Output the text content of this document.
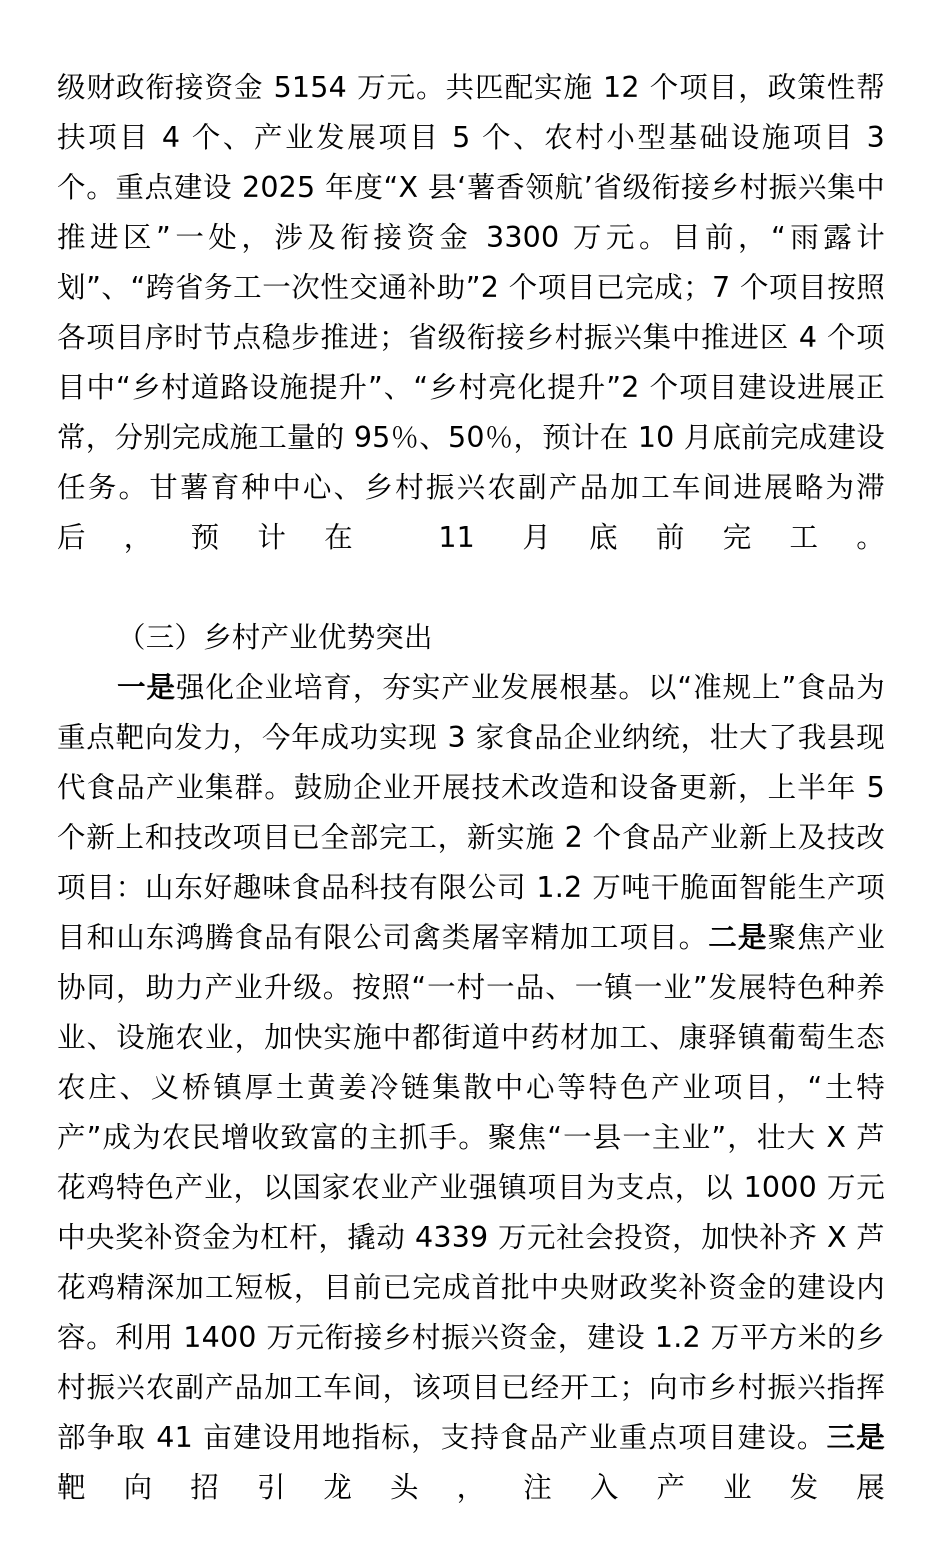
级财政衔接资金 5154 万元。共匹配实施 12 个项目，政策性帮扶项目 4 个、产业发展项目 5 个、农村小型基础设施项目 3 个。重点建设 2025 年度“X 县‘薯香领航’省级衔接乡村振兴集中推进区”一处，涉及衔接资金 3300 万元。目前，“雨露计划”、“跨省务工一次性交通补助”2 个项目已完成；7 个项目按照各项目序时节点稳步推进；省级衔接乡村振兴集中推进区 4 个项目中“乡村道路设施提升”、“乡村亮化提升”2 个项目建设进展正常，分别完成施工量的 95％、50％，预计在 10 月底前完成建设任务。甘薯育种中心、乡村振兴农副产品加工车间进展略为滞后，预计在 11 月底前完工。

（三）乡村产业优势突出

一是强化企业培育，夯实产业发展根基。以“准规上”食品为重点靶向发力，今年成功实现 3 家食品企业纳统，壮大了我县现代食品产业集群。鼓励企业开展技术改造和设备更新，上半年 5 个新上和技改项目已全部完工，新实施 2 个食品产业新上及技改项目：山东好趣味食品科技有限公司 1.2 万吨干脆面智能生产项目和山东鸿腾食品有限公司禽类屠宰精加工项目。二是聚焦产业协同，助力产业升级。按照“一村一品、一镇一业”发展特色种养业、设施农业，加快实施中都街道中药材加工、康驿镇葡萄生态农庄、义桥镇厚土黄姜冷链集散中心等特色产业项目，“土特产”成为农民增收致富的主抓手。聚焦“一县一主业”，壮大 X 芦花鸡特色产业，以国家农业产业强镇项目为支点，以 1000 万元中央奖补资金为杠杆，撬动 4339 万元社会投资，加快补齐 X 芦花鸡精深加工短板，目前已完成首批中央财政奖补资金的建设内容。利用 1400 万元衔接乡村振兴资金，建设 1.2 万平方米的乡村振兴农副产品加工车间，该项目已经开工；向市乡村振兴指挥部争取 41 亩建设用地指标，支持食品产业重点项目建设。三是靶向招引龙头，注入产业发展
